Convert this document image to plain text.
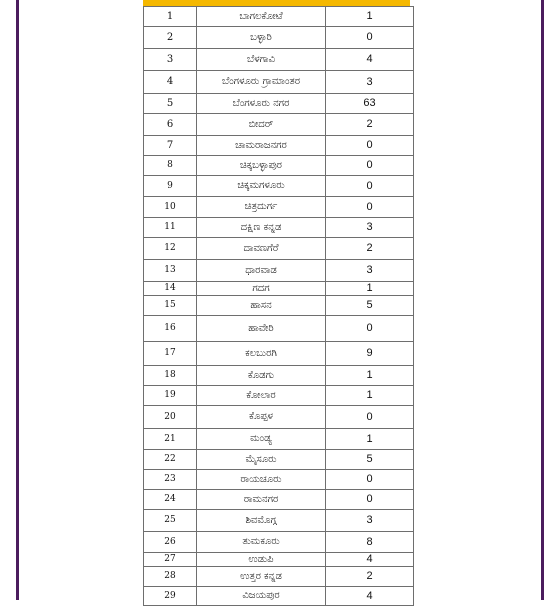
1	ಬಾಗಲಕೋಟೆ	1
2	ಬಳ್ಳಾರಿ	0
3	ಬೆಳಗಾವಿ	4
4	ಬೆಂಗಳೂರು ಗ್ರಾಮಾಂತರ	3
5	ಬೆಂಗಳೂರು ನಗರ	63
6	ಬೀದರ್	2
7	ಚಾಮರಾಜನಗರ	0
8	ಚಿಕ್ಕಬಳ್ಳಾಪುರ	0
9	ಚಿಕ್ಕಮಗಳೂರು	0
10	ಚಿತ್ರದುರ್ಗ	0
11	ದಕ್ಷಿಣ ಕನ್ನಡ	3
12	ದಾವಣಗೆರೆ	2
13	ಧಾರವಾಡ	3
14	ಗದಗ	1
15	ಹಾಸನ	5
16	ಹಾವೇರಿ	0
17	ಕಲಬುರಗಿ	9
18	ಕೊಡಗು	1
19	ಕೋಲಾರ	1
20	ಕೊಪ್ಪಳ	0
21	ಮಂಡ್ಯ	1
22	ಮೈಸೂರು	5
23	ರಾಯಚೂರು	0
24	ರಾಮನಗರ	0
25	ಶಿವಮೊಗ್ಗ	3
26	ತುಮಕೂರು	8
27	ಉಡುಪಿ	4
28	ಉತ್ತರ ಕನ್ನಡ	2
29	ವಿಜಯಪುರ	4
